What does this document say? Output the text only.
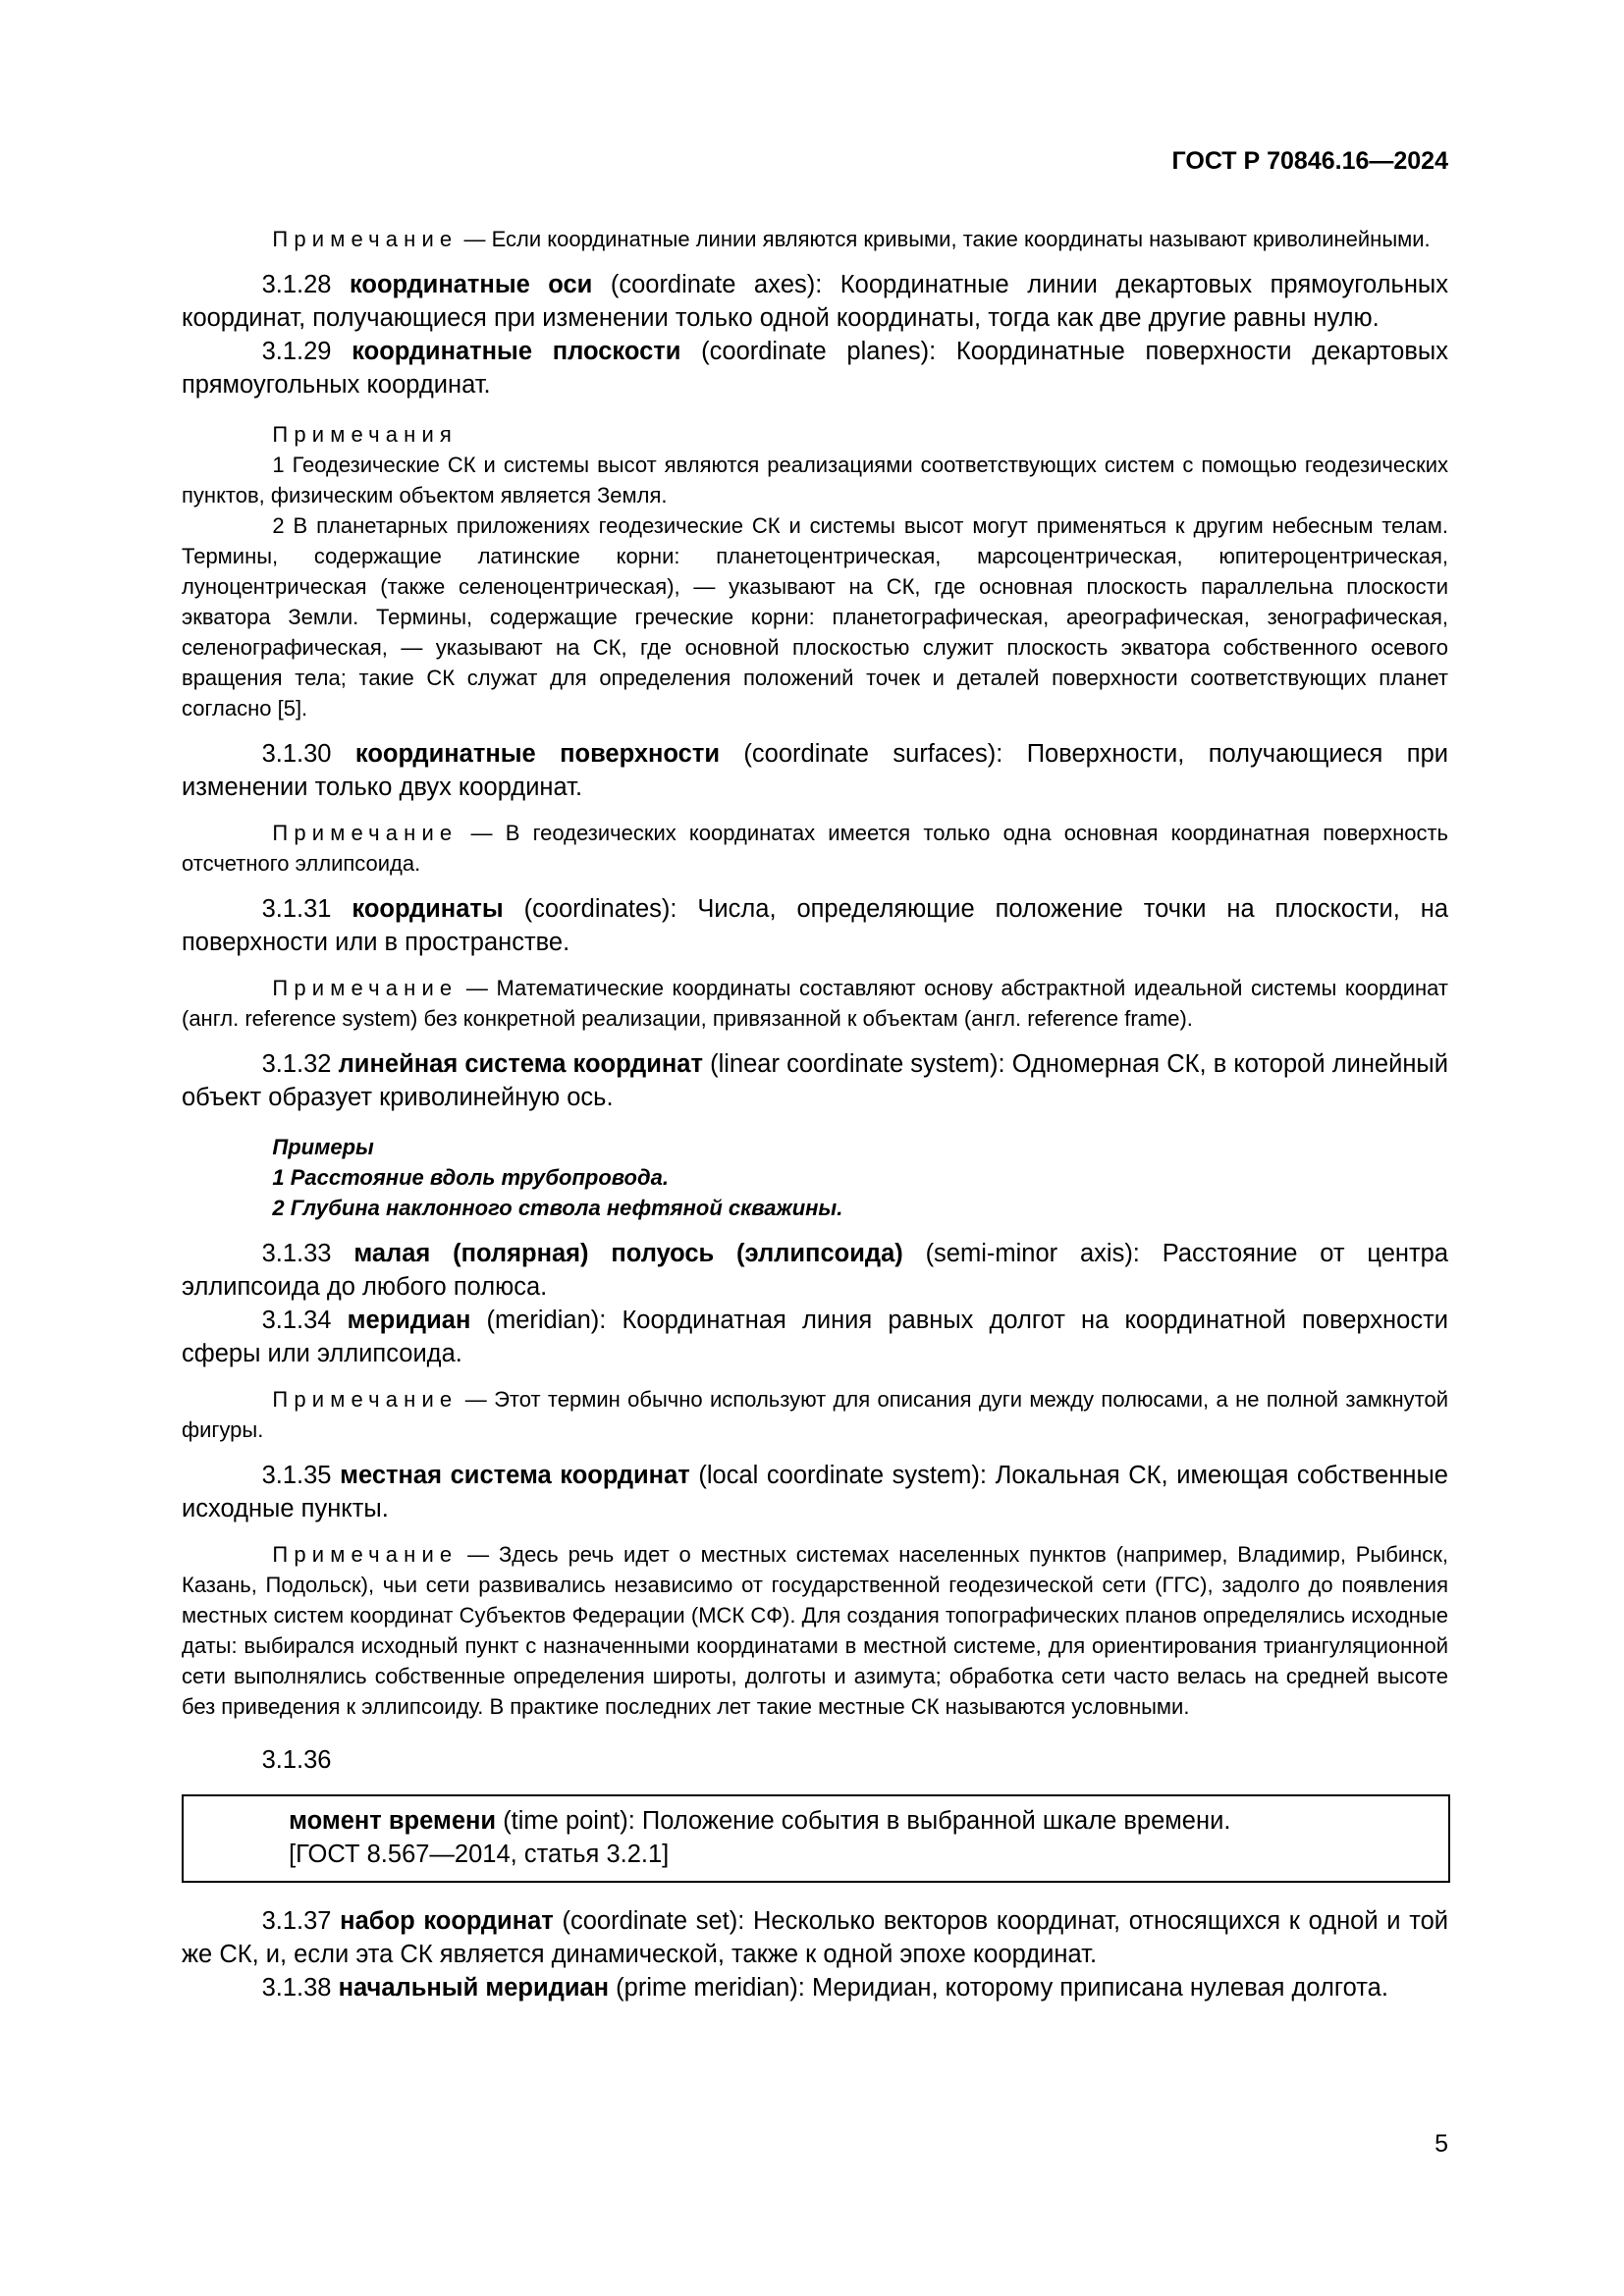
ГОСТ Р 70846.16—2024

Примечание — Если координатные линии являются кривыми, такие координаты называют криволинейными.

3.1.28 координатные оси (coordinate axes): Координатные линии декартовых прямоугольных координат, получающиеся при изменении только одной координаты, тогда как две другие равны нулю.

3.1.29 координатные плоскости (coordinate planes): Координатные поверхности декартовых прямоугольных координат.

Примечания

1 Геодезические СК и системы высот являются реализациями соответствующих систем с помощью геодезических пунктов, физическим объектом является Земля.

2 В планетарных приложениях геодезические СК и системы высот могут применяться к другим небесным телам. Термины, содержащие латинские корни: планетоцентрическая, марсоцентрическая, юпитероцентрическая, луноцентрическая (также селеноцентрическая), — указывают на СК, где основная плоскость параллельна плоскости экватора Земли. Термины, содержащие греческие корни: планетографическая, ареографическая, зенографическая, селенографическая, — указывают на СК, где основной плоскостью служит плоскость экватора собственного осевого вращения тела; такие СК служат для определения положений точек и деталей поверхности соответствующих планет согласно [5].

3.1.30 координатные поверхности (coordinate surfaces): Поверхности, получающиеся при изменении только двух координат.

Примечание — В геодезических координатах имеется только одна основная координатная поверхность отсчетного эллипсоида.

3.1.31 координаты (coordinates): Числа, определяющие положение точки на плоскости, на поверхности или в пространстве.

Примечание — Математические координаты составляют основу абстрактной идеальной системы координат (англ. reference system) без конкретной реализации, привязанной к объектам (англ. reference frame).

3.1.32 линейная система координат (linear coordinate system): Одномерная СК, в которой линейный объект образует криволинейную ось.

Примеры
1 Расстояние вдоль трубопровода.
2 Глубина наклонного ствола нефтяной скважины.

3.1.33 малая (полярная) полуось (эллипсоида) (semi-minor axis): Расстояние от центра эллипсоида до любого полюса.

3.1.34 меридиан (meridian): Координатная линия равных долгот на координатной поверхности сферы или эллипсоида.

Примечание — Этот термин обычно используют для описания дуги между полюсами, а не полной замкнутой фигуры.

3.1.35 местная система координат (local coordinate system): Локальная СК, имеющая собственные исходные пункты.

Примечание — Здесь речь идет о местных системах населенных пунктов (например, Владимир, Рыбинск, Казань, Подольск), чьи сети развивались независимо от государственной геодезической сети (ГГС), задолго до появления местных систем координат Субъектов Федерации (МСК СФ). Для создания топографических планов определялись исходные даты: выбирался исходный пункт с назначенными координатами в местной системе, для ориентирования триангуляционной сети выполнялись собственные определения широты, долготы и азимута; обработка сети часто велась на средней высоте без приведения к эллипсоиду. В практике последних лет такие местные СК называются условными.

3.1.36

момент времени (time point): Положение события в выбранной шкале времени.

[ГОСТ 8.567—2014, статья 3.2.1]

3.1.37 набор координат (coordinate set): Несколько векторов координат, относящихся к одной и той же СК, и, если эта СК является динамической, также к одной эпохе координат.

3.1.38 начальный меридиан (prime meridian): Меридиан, которому приписана нулевая долгота.

5
